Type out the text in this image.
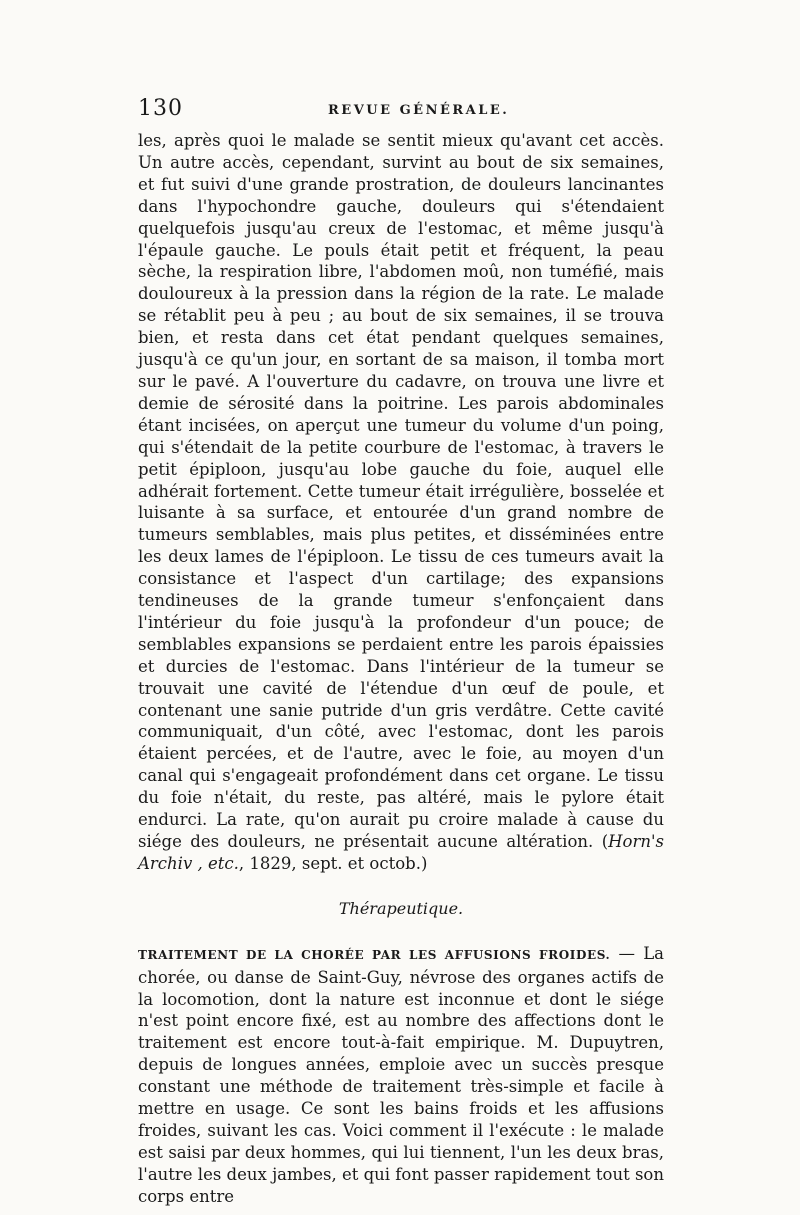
130	REVUE GÉNÉRALE.

les, après quoi le malade se sentit mieux qu'avant cet accès. Un autre accès, cependant, survint au bout de six semaines, et fut suivi d'une grande prostration, de douleurs lancinantes dans l'hypochondre gauche, douleurs qui s'étendaient quelquefois jusqu'au creux de l'estomac, et même jusqu'à l'épaule gauche. Le pouls était petit et fréquent, la peau sèche, la respiration libre, l'abdomen moû, non tuméfié, mais douloureux à la pression dans la région de la rate. Le malade se rétablit peu à peu ; au bout de six semaines, il se trouva bien, et resta dans cet état pendant quelques semaines, jusqu'à ce qu'un jour, en sortant de sa maison, il tomba mort sur le pavé. A l'ouverture du cadavre, on trouva une livre et demie de sérosité dans la poitrine. Les parois abdominales étant incisées, on aperçut une tumeur du volume d'un poing, qui s'étendait de la petite courbure de l'estomac, à travers le petit épiploon, jusqu'au lobe gauche du foie, auquel elle adhérait fortement. Cette tumeur était irrégulière, bosselée et luisante à sa surface, et entourée d'un grand nombre de tumeurs semblables, mais plus petites, et disséminées entre les deux lames de l'épiploon. Le tissu de ces tumeurs avait la consistance et l'aspect d'un cartilage; des expansions tendineuses de la grande tumeur s'enfonçaient dans l'intérieur du foie jusqu'à la profondeur d'un pouce; de semblables expansions se perdaient entre les parois épaissies et durcies de l'estomac. Dans l'intérieur de la tumeur se trouvait une cavité de l'étendue d'un œuf de poule, et contenant une sanie putride d'un gris verdâtre. Cette cavité communiquait, d'un côté, avec l'estomac, dont les parois étaient percées, et de l'autre, avec le foie, au moyen d'un canal qui s'engageait profondément dans cet organe. Le tissu du foie n'était, du reste, pas altéré, mais le pylore était endurci. La rate, qu'on aurait pu croire malade à cause du siége des douleurs, ne présentait aucune altération. (Horn's Archiv , etc., 1829, sept. et octob.)

Thérapeutique.

TRAITEMENT DE LA CHORÉE PAR LES AFFUSIONS FROIDES. — La chorée, ou danse de Saint-Guy, névrose des organes actifs de la locomotion, dont la nature est inconnue et dont le siége n'est point encore fixé, est au nombre des affections dont le traitement est encore tout-à-fait empirique. M. Dupuytren, depuis de longues années, emploie avec un succès presque constant une méthode de traitement très-simple et facile à mettre en usage. Ce sont les bains froids et les affusions froides, suivant les cas. Voici comment il l'exécute : le malade est saisi par deux hommes, qui lui tiennent, l'un les deux bras, l'autre les deux jambes, et qui font passer rapidement tout son corps entre
